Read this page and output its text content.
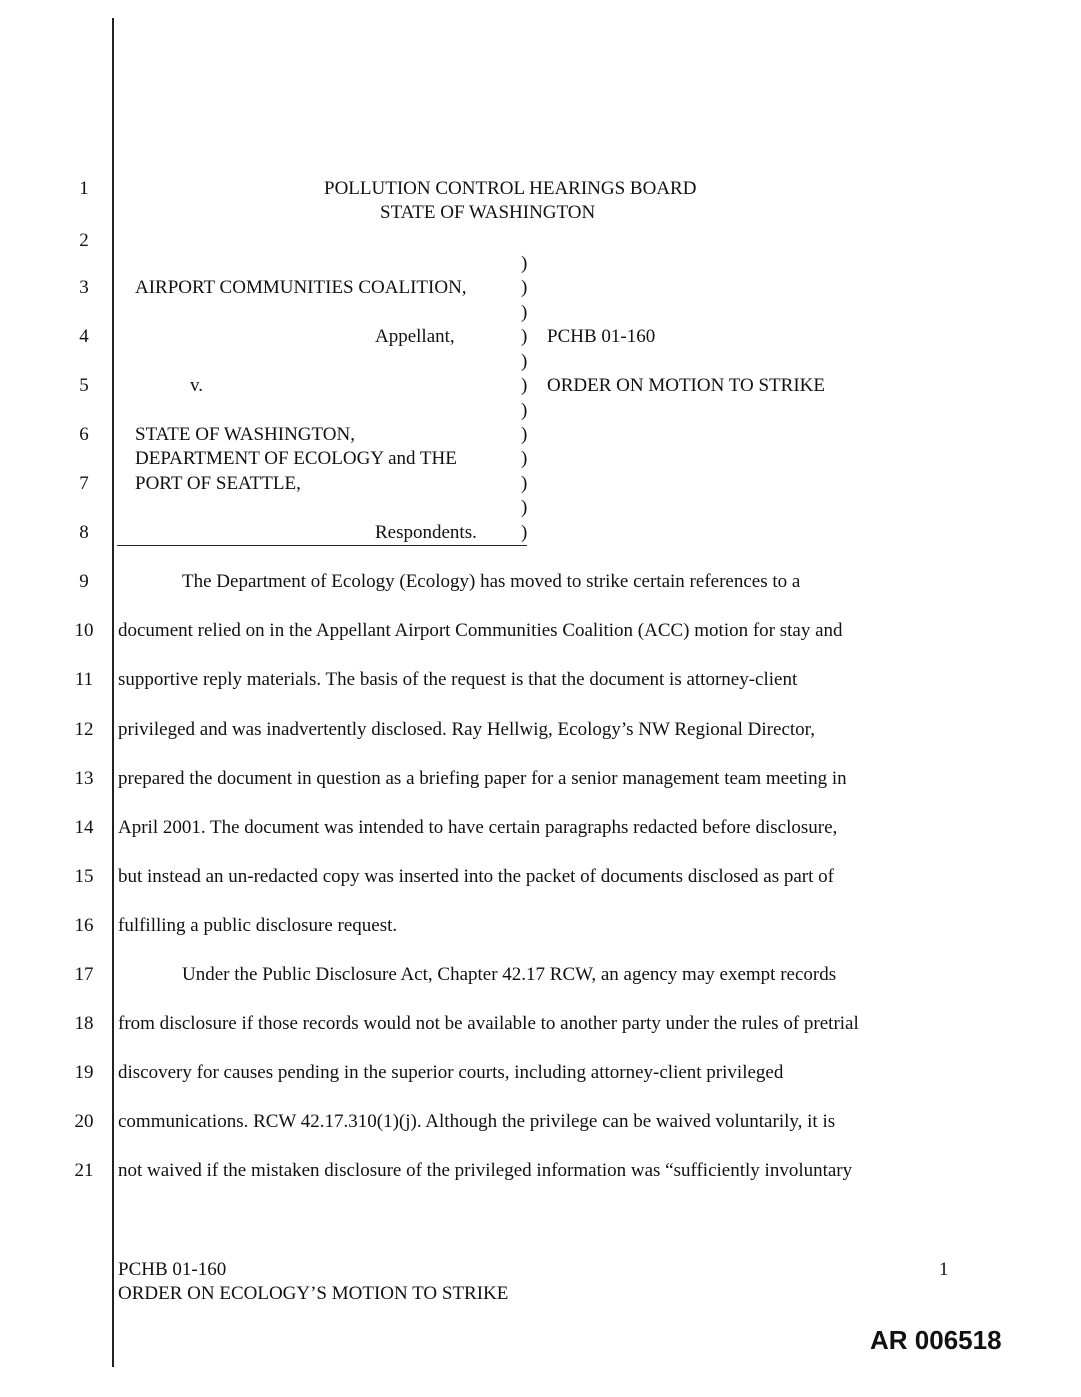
1
2
3
4
5
6
7
8
9
10
11
12
13
14
15
16
17
18
19
20
21
POLLUTION CONTROL HEARINGS BOARD
STATE OF WASHINGTON
AIRPORT COMMUNITIES COALITION,
Appellant,
v.
STATE OF WASHINGTON,
DEPARTMENT OF ECOLOGY and THE
PORT OF SEATTLE,
Respondents.
)
)
)
)
)
)
)
)
)
)
)
)
PCHB 01-160
ORDER ON MOTION TO STRIKE
The Department of Ecology (Ecology) has moved to strike certain references to a
document relied on in the Appellant Airport Communities Coalition (ACC) motion for stay and
supportive reply materials. The basis of the request is that the document is attorney-client
privileged and was inadvertently disclosed. Ray Hellwig, Ecology’s NW Regional Director,
prepared the document in question as a briefing paper for a senior management team meeting in
April 2001. The document was intended to have certain paragraphs redacted before disclosure,
but instead an un-redacted copy was inserted into the packet of documents disclosed as part of
fulfilling a public disclosure request.
Under the Public Disclosure Act, Chapter 42.17 RCW, an agency may exempt records
from disclosure if those records would not be available to another party under the rules of pretrial
discovery for causes pending in the superior courts, including attorney-client privileged
communications. RCW 42.17.310(1)(j). Although the privilege can be waived voluntarily, it is
not waived if the mistaken disclosure of the privileged information was “sufficiently involuntary
PCHB 01-160
ORDER ON ECOLOGY’S MOTION TO STRIKE
1
AR 006518
